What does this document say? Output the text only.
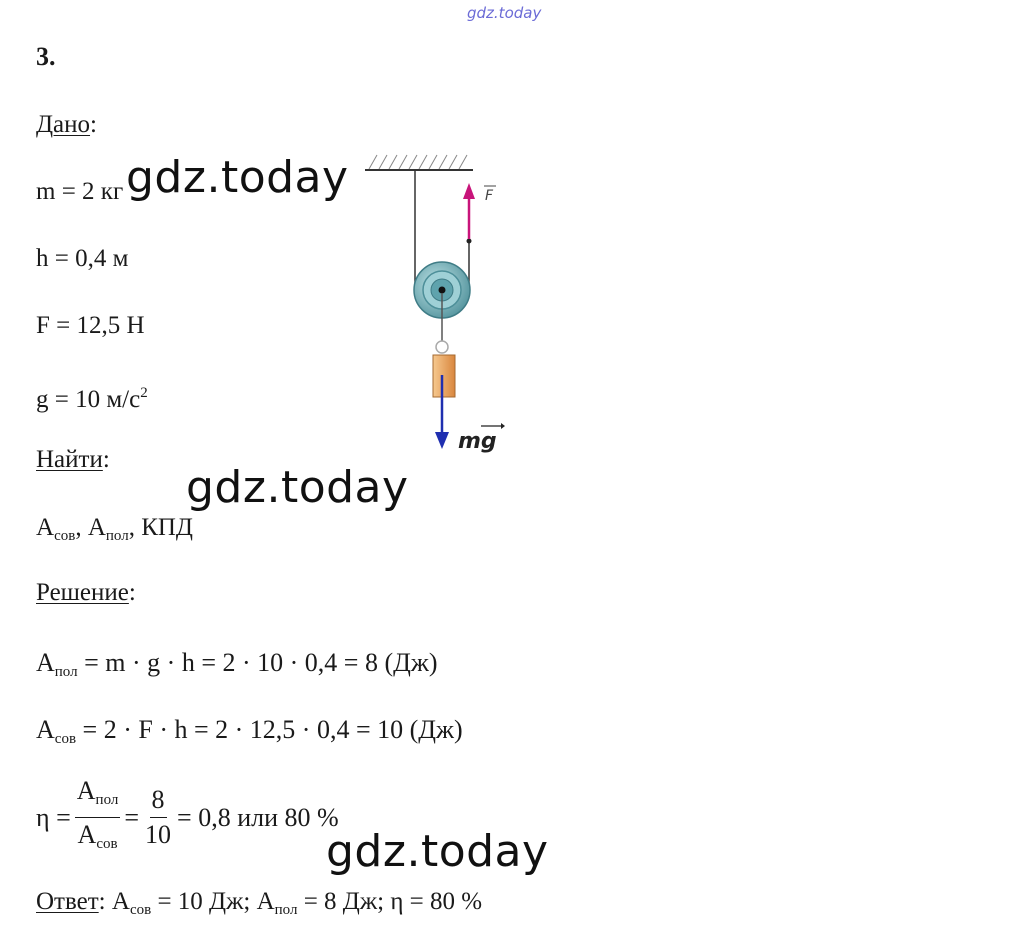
gdz.today
3.
Дано:
m = 2 кг
h = 0,4 м
F = 12,5 Н
g = 10 $м/с^2$
Найти:
$А_{сов}$, $А_{пол}$, КПД
Решение:
$A_{пол} = m \cdot g \cdot h = 2 \cdot 10 \cdot 0,4 = 8$ (Дж)
$A_{сов} = 2 \cdot F \cdot h = 2 \cdot 12,5 \cdot 0,4 = 10$ (Дж)
$\eta = \frac{A_{пол}}{A_{сов}} = \frac{8}{10} = 0,8$ или 80 %
Ответ: $А_{сов} = 10$ Дж; $А_{пол} = 8$ Дж; η = 80 %
F
mg
gdz.today
gdz.today
gdz.today
